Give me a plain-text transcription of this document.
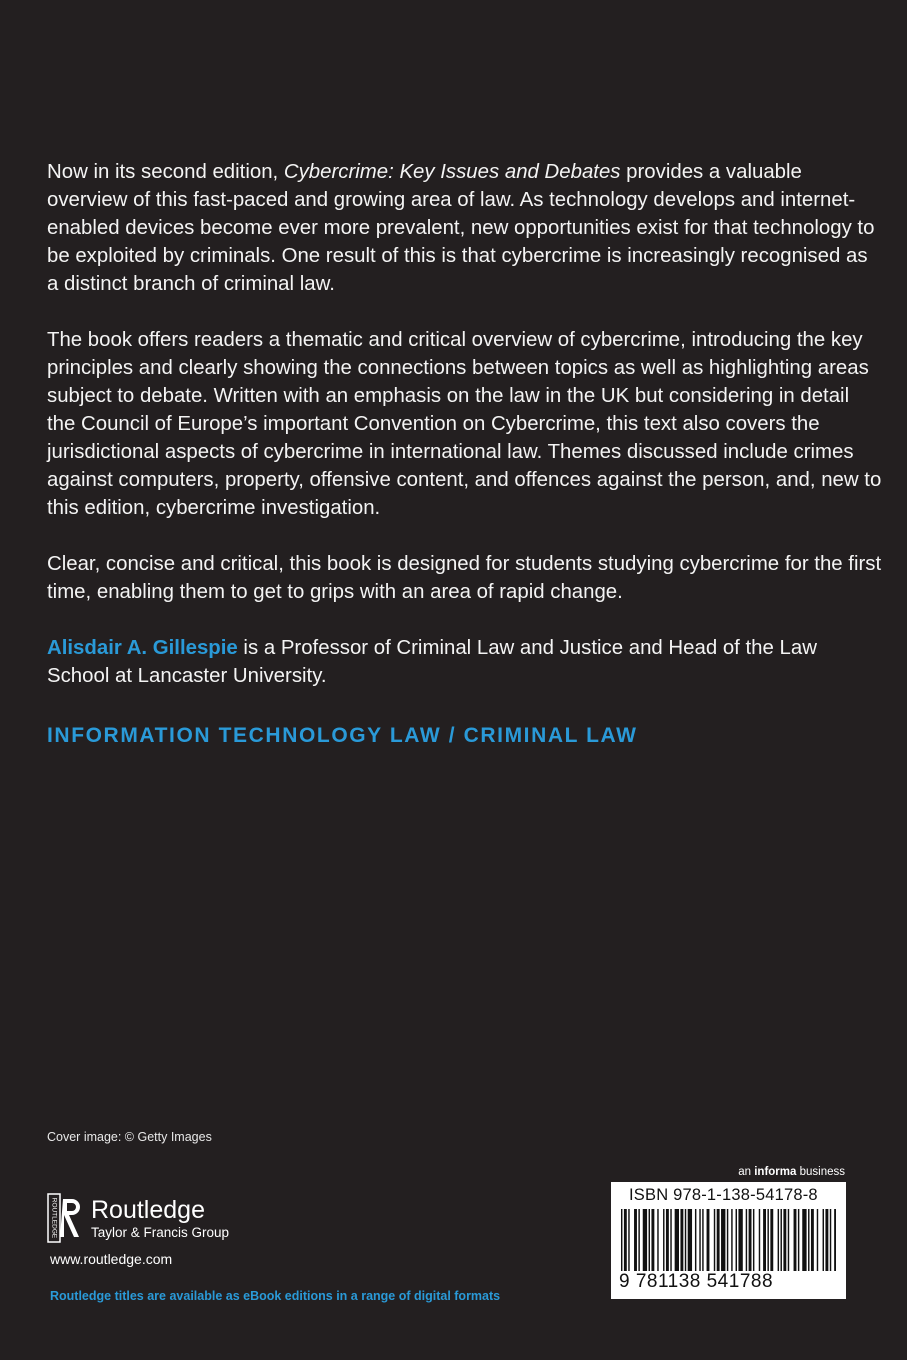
Now in its second edition, Cybercrime: Key Issues and Debates provides a valuable overview of this fast-paced and growing area of law. As technology develops and internet-enabled devices become ever more prevalent, new opportunities exist for that technology to be exploited by criminals. One result of this is that cybercrime is increasingly recognised as a distinct branch of criminal law.

The book offers readers a thematic and critical overview of cybercrime, introducing the key principles and clearly showing the connections between topics as well as highlighting areas subject to debate. Written with an emphasis on the law in the UK but considering in detail the Council of Europe’s important Convention on Cybercrime, this text also covers the jurisdictional aspects of cybercrime in international law. Themes discussed include crimes against computers, property, offensive content, and offences against the person, and, new to this edition, cybercrime investigation.

Clear, concise and critical, this book is designed for students studying cybercrime for the first time, enabling them to get to grips with an area of rapid change.

Alisdair A. Gillespie is a Professor of Criminal Law and Justice and Head of the Law School at Lancaster University.

INFORMATION TECHNOLOGY LAW / CRIMINAL LAW
Cover image: © Getty Images
ROUTLEDGE Routledge
Taylor & Francis Group
www.routledge.com
Routledge titles are available as eBook editions in a range of digital formats
an informa business
ISBN 978-1-138-54178-8
9 781138 541788
